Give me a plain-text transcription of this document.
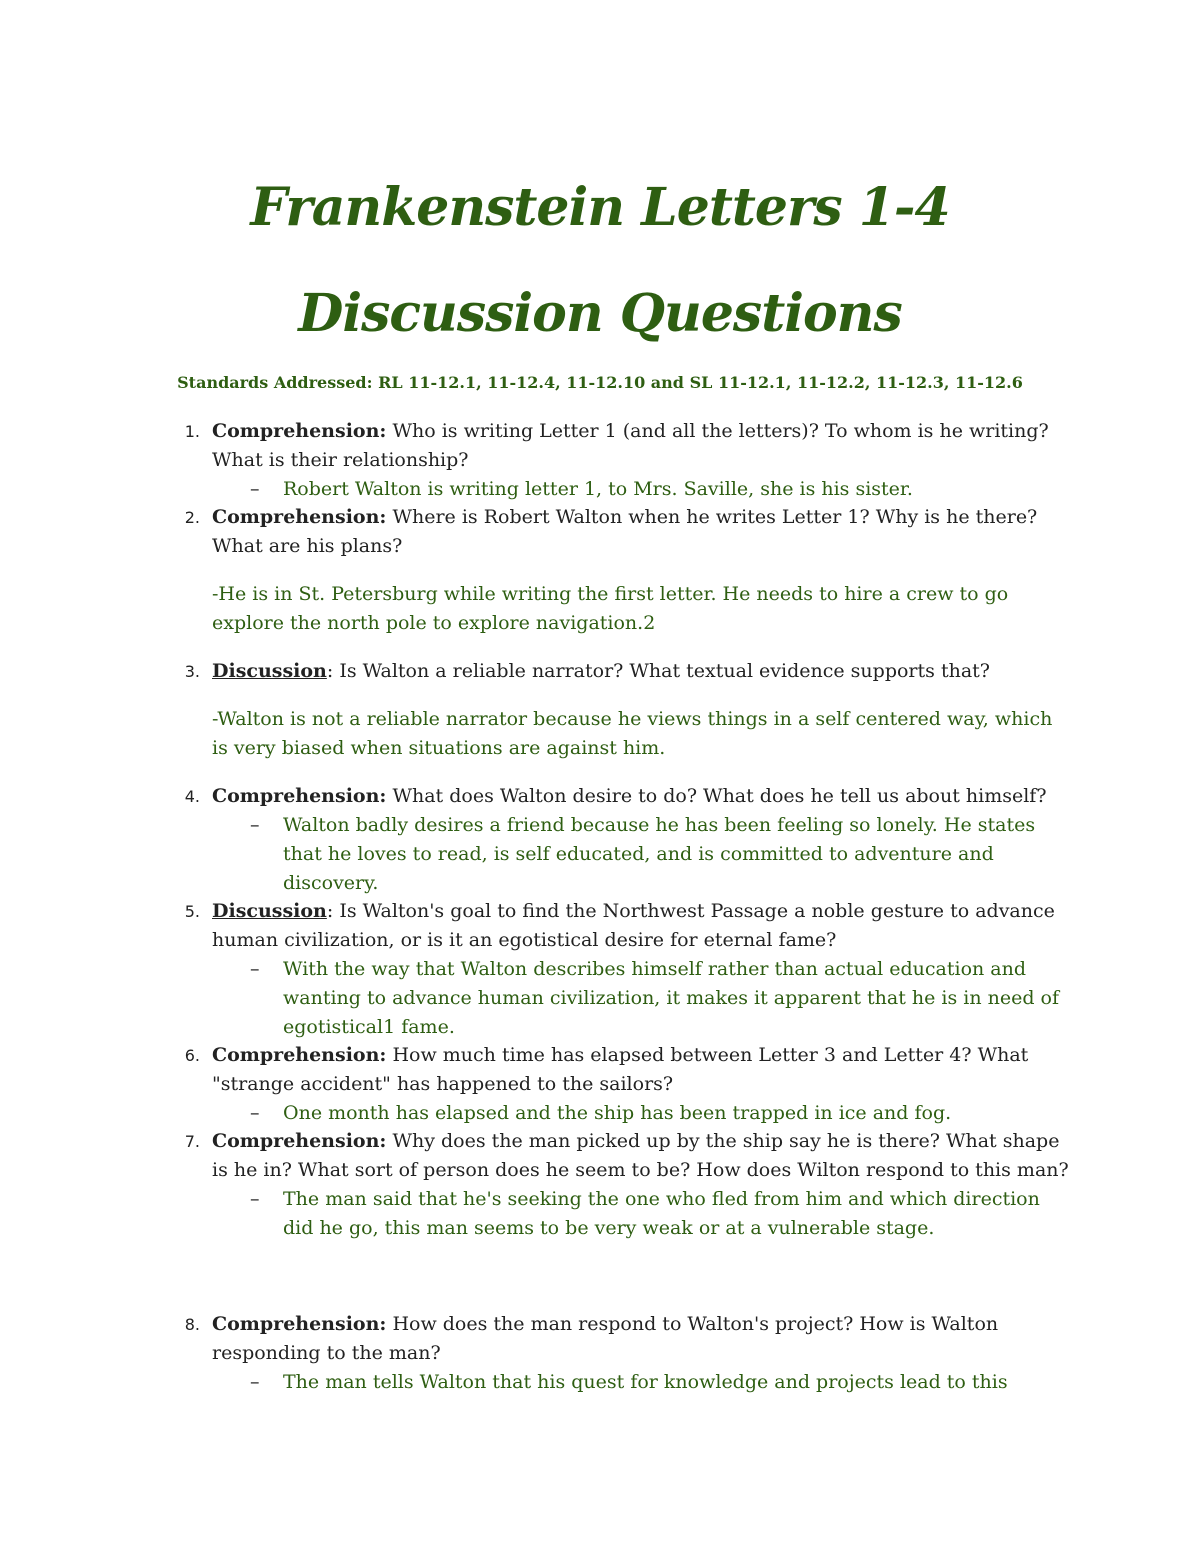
Frankenstein Letters 1-4
Discussion Questions
Standards Addressed: RL 11-12.1, 11-12.4, 11-12.10 and SL 11-12.1, 11-12.2, 11-12.3, 11-12.6
1. Comprehension: Who is writing Letter 1 (and all the letters)? To whom is he writing? What is their relationship?
–	Robert Walton is writing letter 1, to Mrs. Saville, she is his sister.
2. Comprehension: Where is Robert Walton when he writes Letter 1? Why is he there? What are his plans?
-He is in St. Petersburg while writing the first letter. He needs to hire a crew to go explore the north pole to explore navigation.2
3. Discussion: Is Walton a reliable narrator? What textual evidence supports that?
-Walton is not a reliable narrator because he views things in a self centered way, which is very biased when situations are against him.
4. Comprehension: What does Walton desire to do? What does he tell us about himself?
–	Walton badly desires a friend because he has been feeling so lonely. He states that he loves to read, is self educated, and is committed to adventure and discovery.
5. Discussion: Is Walton's goal to find the Northwest Passage a noble gesture to advance human civilization, or is it an egotistical desire for eternal fame?
–	With the way that Walton describes himself rather than actual education and wanting to advance human civilization, it makes it apparent that he is in need of egotistical1 fame.
6. Comprehension: How much time has elapsed between Letter 3 and Letter 4? What "strange accident" has happened to the sailors?
–	One month has elapsed and the ship has been trapped in ice and fog.
7. Comprehension: Why does the man picked up by the ship say he is there? What shape is he in? What sort of person does he seem to be? How does Wilton respond to this man?
–	The man said that he's seeking the one who fled from him and which direction did he go, this man seems to be very weak or at a vulnerable stage.
8. Comprehension: How does the man respond to Walton's project? How is Walton responding to the man?
–	The man tells Walton that his quest for knowledge and projects lead to this
